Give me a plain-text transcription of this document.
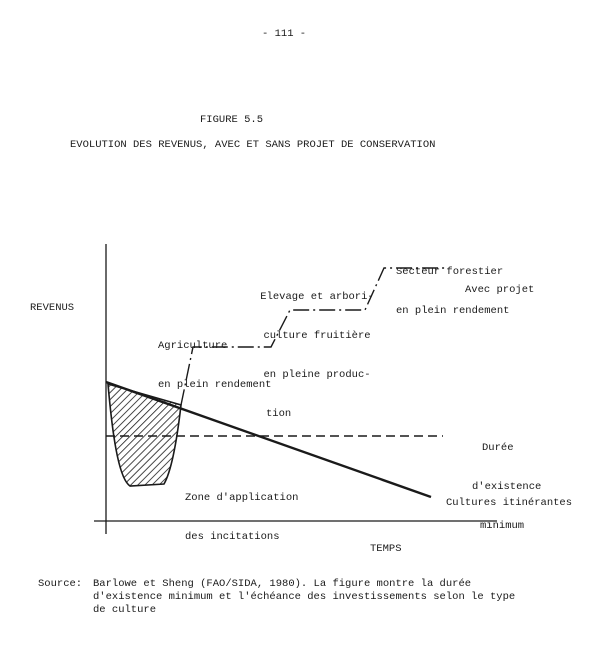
- 111 -
FIGURE 5.5
EVOLUTION DES REVENUS, AVEC ET SANS PROJET DE CONSERVATION
REVENUS
TEMPS

Agriculture

en plein rendement

Elevage et arbori-

culture fruitière

en pleine produc-

tion

Secteur forestier

en plein rendement

Avec projet

Durée

d'existence

minimum

Zone d'application

des incitations

Cultures itinérantes
Source: Barlowe et Sheng (FAO/SIDA, 1980). La figure montre la durée d'existence minimum et l'échéance des investissements selon le type de culture
